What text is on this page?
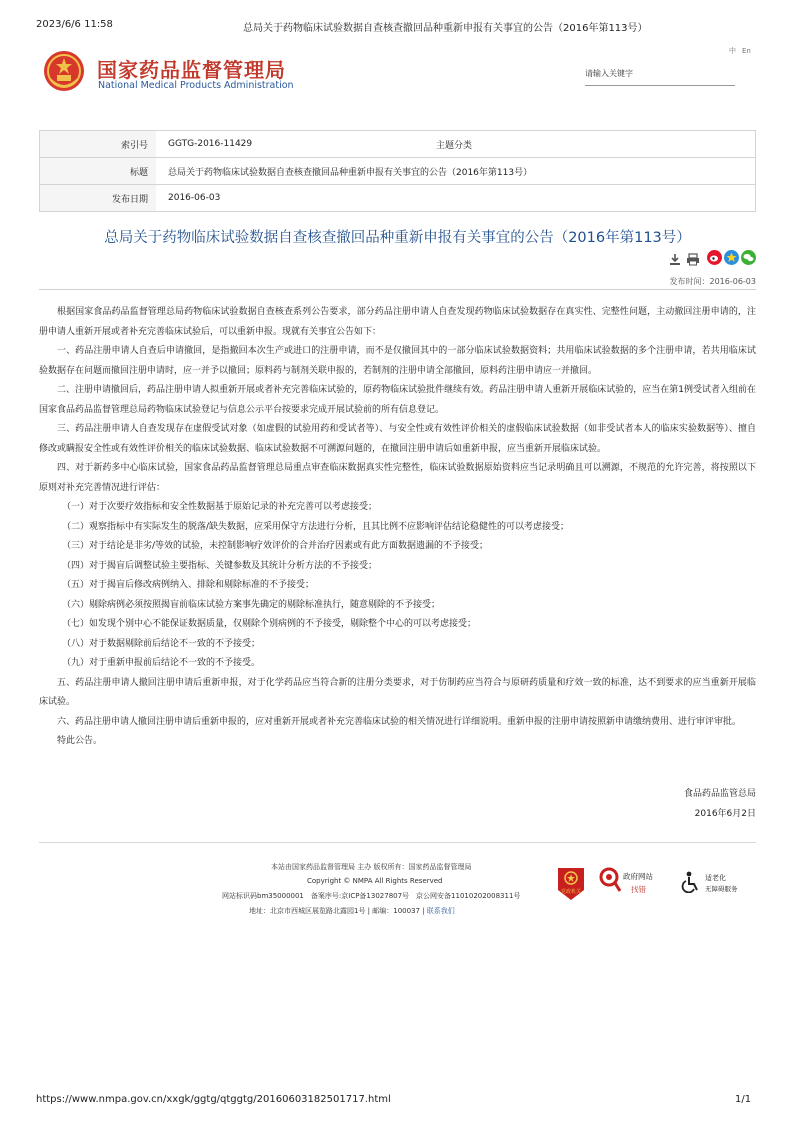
2023/6/6 11:58	总局关于药物临床试验数据自查核查撤回品种重新申报有关事宜的公告（2016年第113号）
国家药品监督管理局
National Medical Products Administration
中 En
请输入关键字
索引号	GGTG-2016-11429	主题分类	
标题	总局关于药物临床试验数据自查核查撤回品种重新申报有关事宜的公告（2016年第113号）		
发布日期	2016-06-03		
总局关于药物临床试验数据自查核查撤回品种重新申报有关事宜的公告（2016年第113号）
发布时间：2016-06-03

根据国家食品药品监督管理总局药物临床试验数据自查核查系列公告要求，部分药品注册申请人自查发现药物临床试验数据存在真实性、完整性问题，主动撤回注册申请的，注册申请人重新开展或者补充完善临床试验后，可以重新申报。现就有关事宜公告如下：

一、药品注册申请人自查后申请撤回，是指撤回本次生产或进口的注册申请，而不是仅撤回其中的一部分临床试验数据资料；共用临床试验数据的多个注册申请，若共用临床试验数据存在问题而撤回注册申请时，应一并予以撤回；原料药与制剂关联申报的，若制剂的注册申请全部撤回，原料药注册申请应一并撤回。

二、注册申请撤回后，药品注册申请人拟重新开展或者补充完善临床试验的，原药物临床试验批件继续有效。药品注册申请人重新开展临床试验的，应当在第1例受试者入组前在国家食品药品监督管理总局药物临床试验登记与信息公示平台按要求完成开展试验前的所有信息登记。

三、药品注册申请人自查发现存在虚假受试对象（如虚假的试验用药和受试者等）、与安全性或有效性评价相关的虚假临床试验数据（如非受试者本人的临床实验数据等）、擅自修改或瞒报安全性或有效性评价相关的临床试验数据、临床试验数据不可溯源问题的，在撤回注册申请后如重新申报，应当重新开展临床试验。

四、对于新药多中心临床试验，国家食品药品监督管理总局重点审查临床数据真实性完整性，临床试验数据原始资料应当记录明确且可以溯源，不规范的允许完善，将按照以下原则对补充完善情况进行评估：

（一）对于次要疗效指标和安全性数据基于原始记录的补充完善可以考虑接受；

（二）观察指标中有实际发生的脱落/缺失数据，应采用保守方法进行分析，且其比例不应影响评估结论稳健性的可以考虑接受；

（三）对于结论是非劣/等效的试验，未控制影响疗效评价的合并治疗因素或有此方面数据遗漏的不予接受；

（四）对于揭盲后调整试验主要指标、关键参数及其统计分析方法的不予接受；

（五）对于揭盲后修改病例纳入、排除和剔除标准的不予接受；

（六）剔除病例必须按照揭盲前临床试验方案事先确定的剔除标准执行，随意剔除的不予接受；

（七）如发现个别中心不能保证数据质量，仅剔除个别病例的不予接受，剔除整个中心的可以考虑接受；

（八）对于数据剔除前后结论不一致的不予接受；

（九）对于重新申报前后结论不一致的不予接受。

五、药品注册申请人撤回注册申请后重新申报，对于化学药品应当符合新的注册分类要求，对于仿制药应当符合与原研药质量和疗效一致的标准，达不到要求的应当重新开展临床试验。

六、药品注册申请人撤回注册申请后重新申报的，应对重新开展或者补充完善临床试验的相关情况进行详细说明。重新申报的注册申请按照新申请缴纳费用、进行审评审批。

特此公告。

食品药品监管总局
2016年6月2日
本站由国家药品监督管理局 主办 版权所有：国家药品监督管理局
Copyright © NMPA All Rights Reserved
网站标识码bm35000001　备案序号:京ICP备13027807号　京公网安备11010202008311号
地址：北京市西城区展览路北露园1号 | 邮编：100037 | 联系我们
党政机关
政府网站
找错
适老化
无障碍服务
https://www.nmpa.gov.cn/xxgk/ggtg/qtggtg/20160603182501717.html	1/1
